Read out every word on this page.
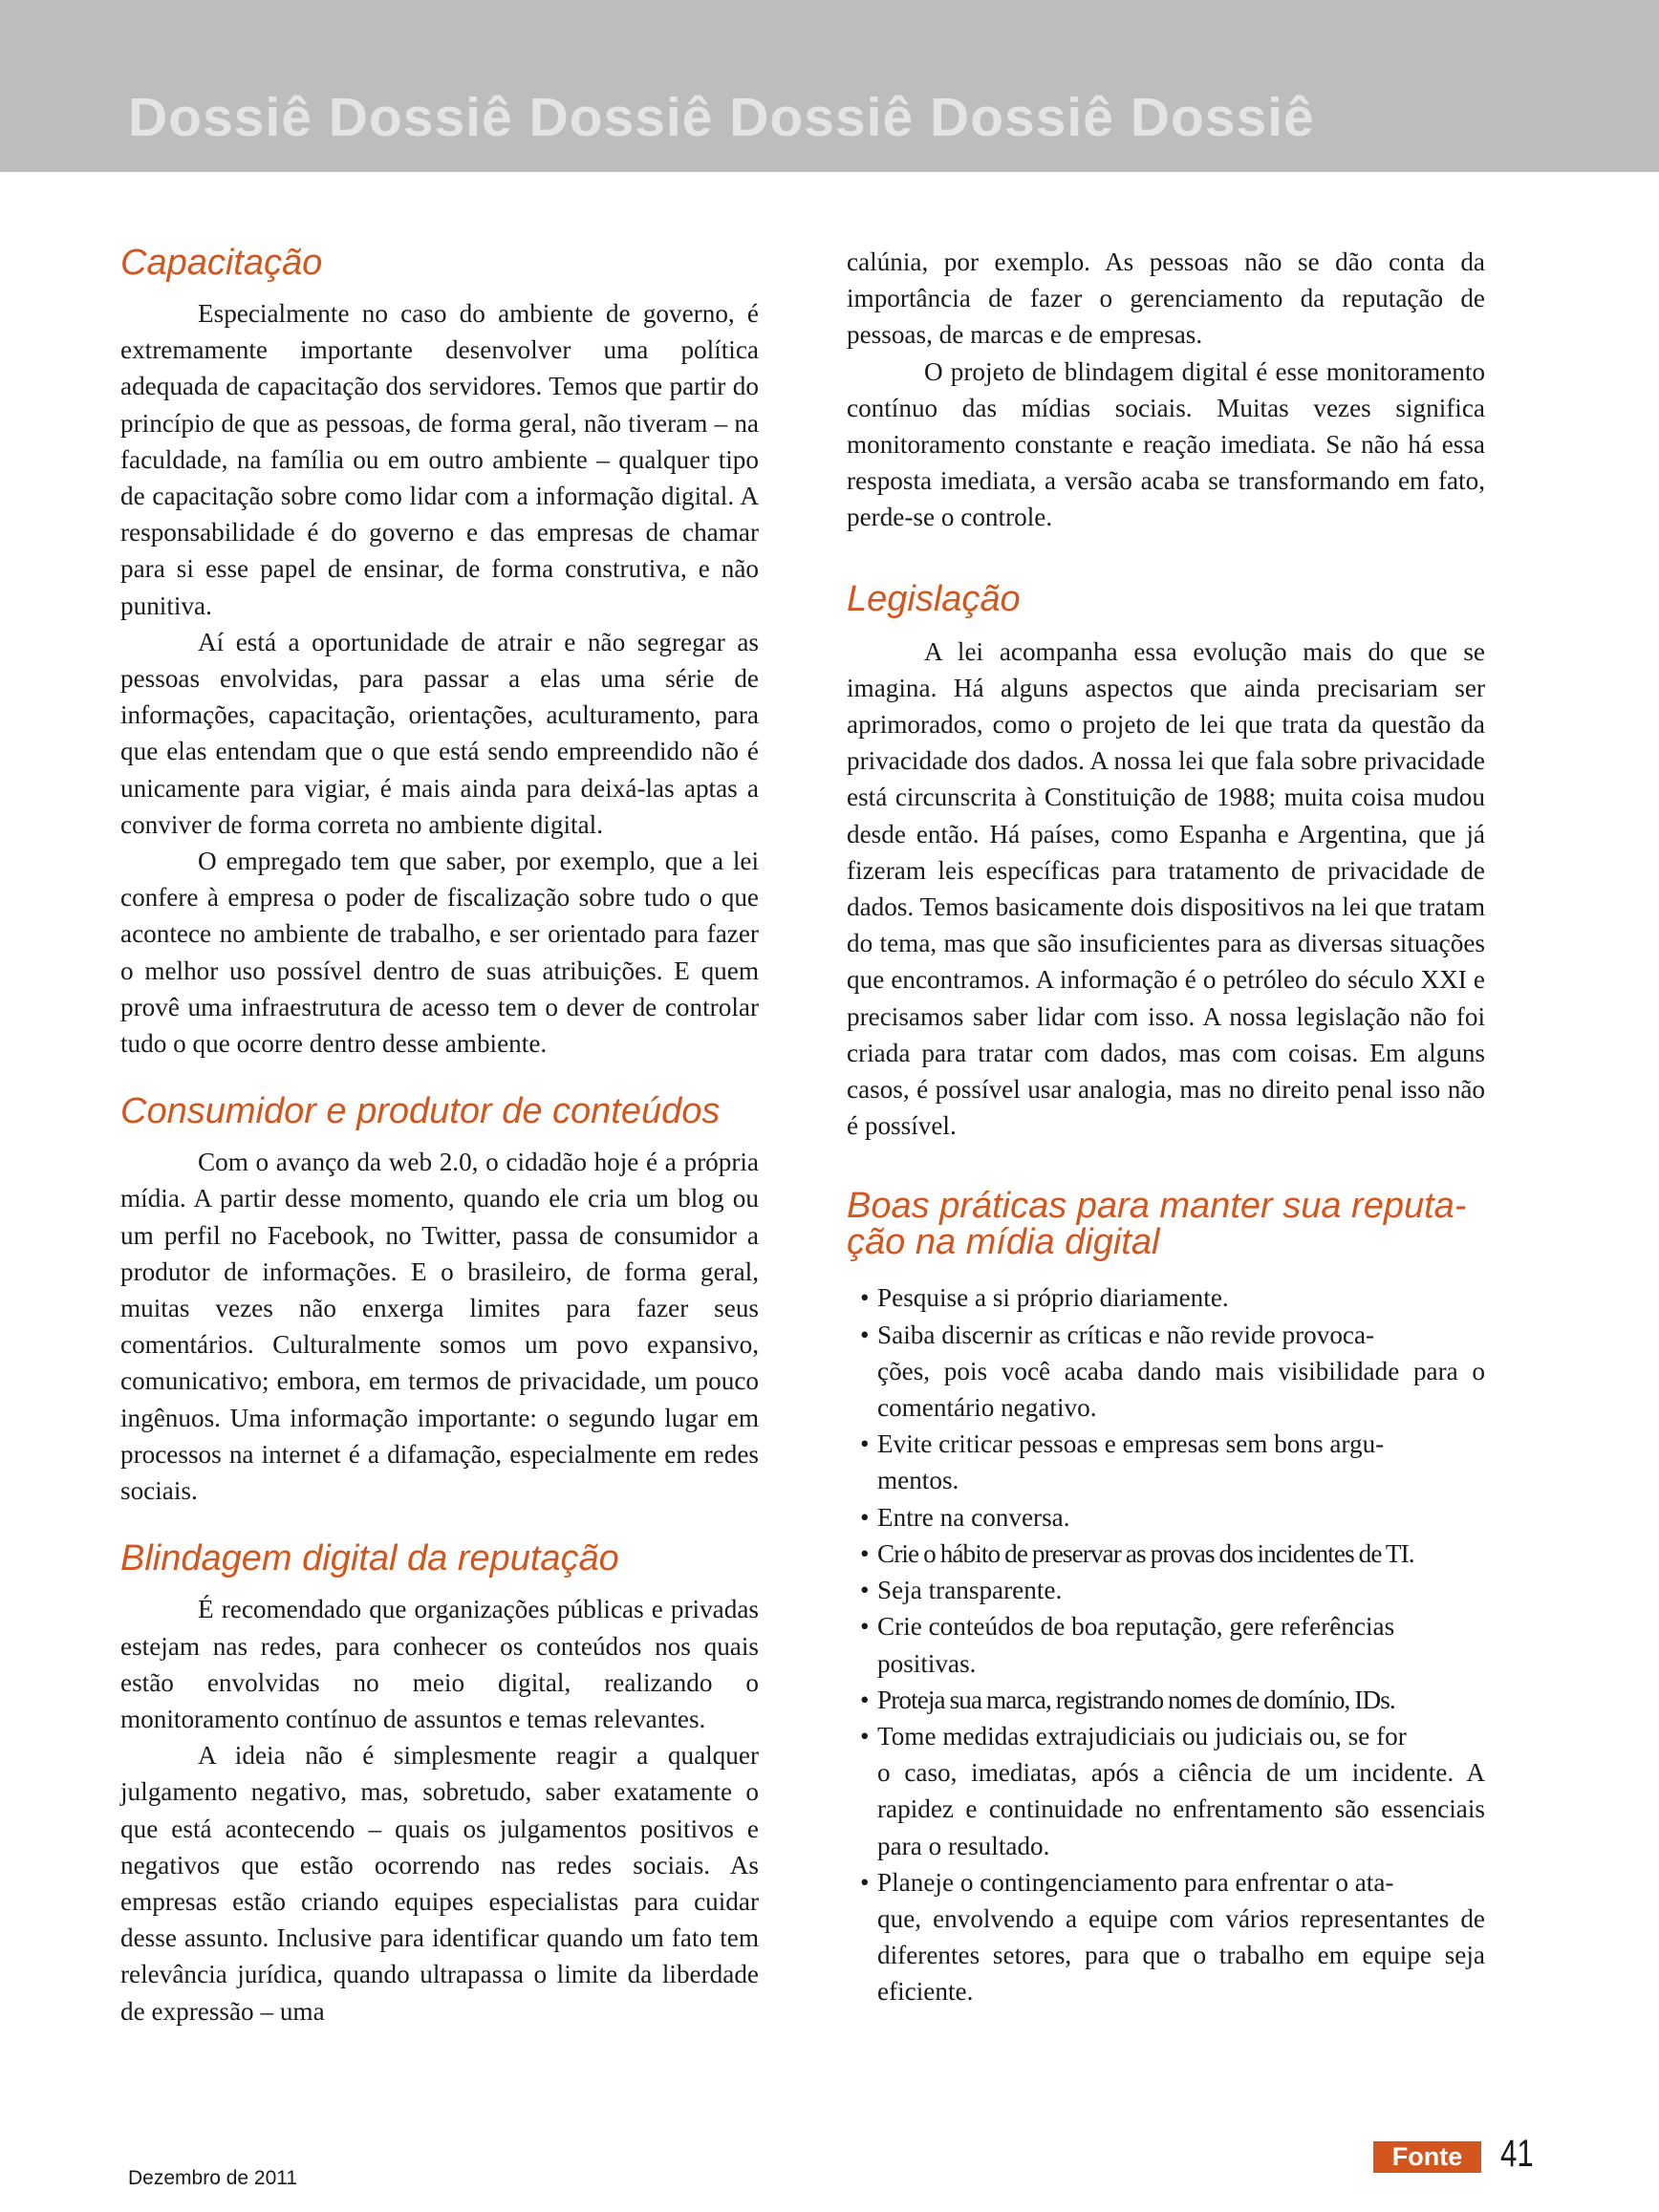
Dossiê Dossiê Dossiê Dossiê Dossiê Dossiê
Capacitação

Especialmente no caso do ambiente de governo, é extremamente importante desenvolver uma política adequada de capacitação dos servidores. Temos que partir do princípio de que as pessoas, de forma geral, não tiveram – na faculdade, na família ou em outro ambiente – qualquer tipo de capacitação sobre como lidar com a informação digital. A responsabilidade é do governo e das empresas de chamar para si esse papel de ensinar, de forma construtiva, e não punitiva.

Aí está a oportunidade de atrair e não segregar as pessoas envolvidas, para passar a elas uma série de informações, capacitação, orientações, aculturamento, para que elas entendam que o que está sendo empreendido não é unicamente para vigiar, é mais ainda para deixá-las aptas a conviver de forma correta no ambiente digital.

O empregado tem que saber, por exemplo, que a lei confere à empresa o poder de fiscalização sobre tudo o que acontece no ambiente de trabalho, e ser orientado para fazer o melhor uso possível dentro de suas atribuições. E quem provê uma infraestrutura de acesso tem o dever de controlar tudo o que ocorre dentro desse ambiente.

Consumidor e produtor de conteúdos

Com o avanço da web 2.0, o cidadão hoje é a própria mídia. A partir desse momento, quando ele cria um blog ou um perfil no Facebook, no Twitter, passa de consumidor a produtor de informações. E o brasileiro, de forma geral, muitas vezes não enxerga limites para fazer seus comentários. Culturalmente somos um povo expansivo, comunicativo; embora, em termos de privacidade, um pouco ingênuos. Uma informação importante: o segundo lugar em processos na internet é a difamação, especialmente em redes sociais.

Blindagem digital da reputação

É recomendado que organizações públicas e privadas estejam nas redes, para conhecer os conteúdos nos quais estão envolvidas no meio digital, realizando o monitoramento contínuo de assuntos e temas relevantes.

A ideia não é simplesmente reagir a qualquer julgamento negativo, mas, sobretudo, saber exatamente o que está acontecendo – quais os julgamentos positivos e negativos que estão ocorrendo nas redes sociais. As empresas estão criando equipes especialistas para cuidar desse assunto. Inclusive para identificar quando um fato tem relevância jurídica, quando ultrapassa o limite da liberdade de expressão – uma

calúnia, por exemplo. As pessoas não se dão conta da importância de fazer o gerenciamento da reputação de pessoas, de marcas e de empresas.

O projeto de blindagem digital é esse monitoramento contínuo das mídias sociais. Muitas vezes significa monitoramento constante e reação imediata. Se não há essa resposta imediata, a versão acaba se transformando em fato, perde-se o controle.

Legislação

A lei acompanha essa evolução mais do que se imagina. Há alguns aspectos que ainda precisariam ser aprimorados, como o projeto de lei que trata da questão da privacidade dos dados. A nossa lei que fala sobre privacidade está circunscrita à Constituição de 1988; muita coisa mudou desde então. Há países, como Espanha e Argentina, que já fizeram leis específicas para tratamento de privacidade de dados. Temos basicamente dois dispositivos na lei que tratam do tema, mas que são insuficientes para as diversas situações que encontramos. A informação é o petróleo do século XXI e precisamos saber lidar com isso. A nossa legislação não foi criada para tratar com dados, mas com coisas. Em alguns casos, é possível usar analogia, mas no direito penal isso não é possível.

Boas práticas para manter sua reputa-
ção na mídia digital
• Pesquise a si próprio diariamente.
• Saiba discernir as críticas e não revide provoca-
ções, pois você acaba dando mais visibilidade para o comentário negativo.
• Evite criticar pessoas e empresas sem bons argu-
mentos.
• Entre na conversa.
• Crie o hábito de preservar as provas dos incidentes de TI.
• Seja transparente.
• Crie conteúdos de boa reputação, gere referências
positivas.
• Proteja sua marca, registrando nomes de domínio, IDs.
• Tome medidas extrajudiciais ou judiciais ou, se for
o caso, imediatas, após a ciência de um incidente. A rapidez e continuidade no enfrentamento são essenciais para o resultado.
• Planeje o contingenciamento para enfrentar o ata-
que, envolvendo a equipe com vários representantes de diferentes setores, para que o trabalho em equipe seja eficiente.
Dezembro de 2011
Fonte 41
